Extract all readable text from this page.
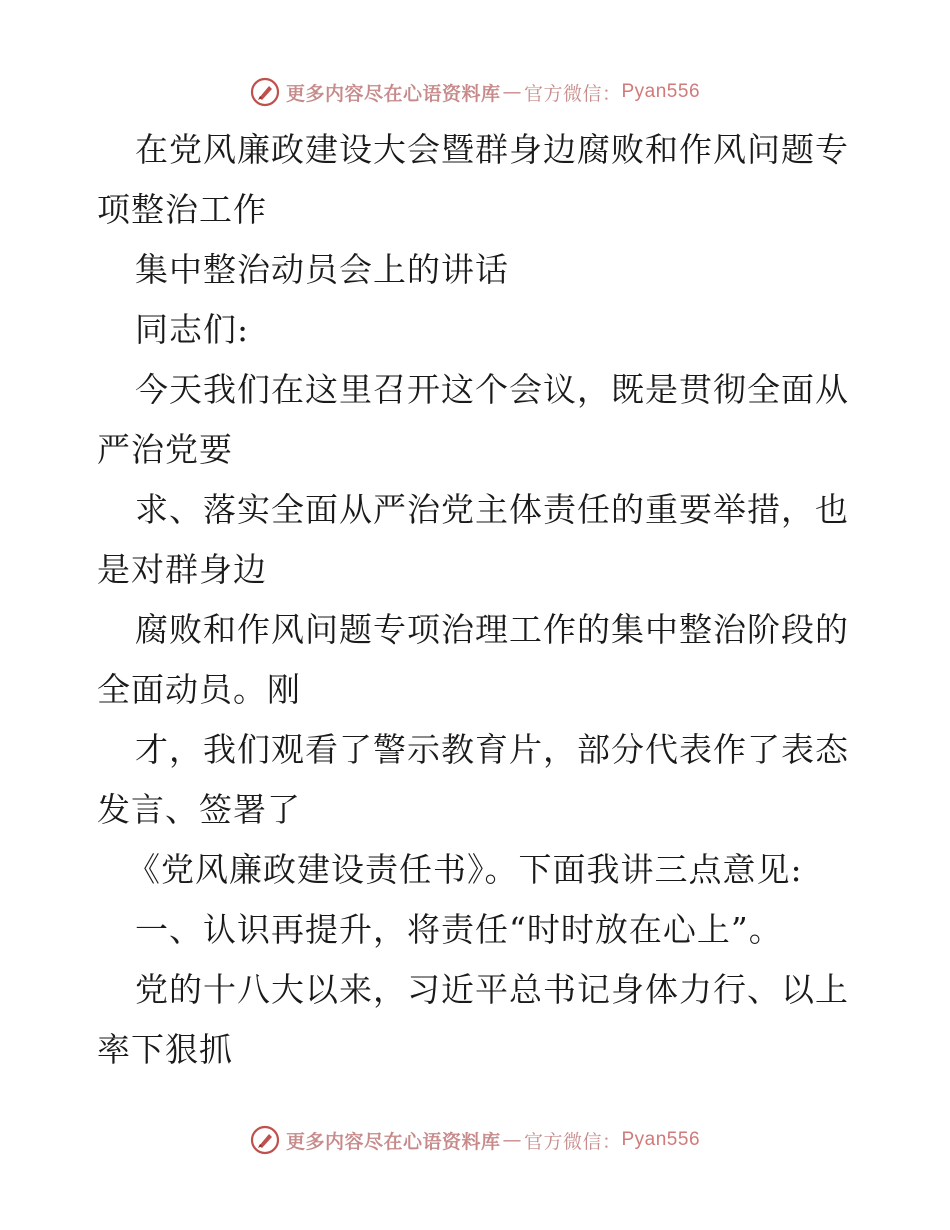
更多内容尽在心语资料库 — 官方微信： Pyan556
在党风廉政建设大会暨群身边腐败和作风问题专
项整治工作
集中整治动员会上的讲话
同志们:
今天我们在这里召开这个会议，既是贯彻全面从
严治党要
求、落实全面从严治党主体责任的重要举措，也
是对群身边
腐败和作风问题专项治理工作的集中整治阶段的
全面动员。刚
才，我们观看了警示教育片，部分代表作了表态
发言、签署了
《党风廉政建设责任书》。下面我讲三点意见:
一、认识再提升，将责任“时时放在心上”。
党的十八大以来，习近平总书记身体力行、以上
率下狠抓
更多内容尽在心语资料库 — 官方微信： Pyan556
